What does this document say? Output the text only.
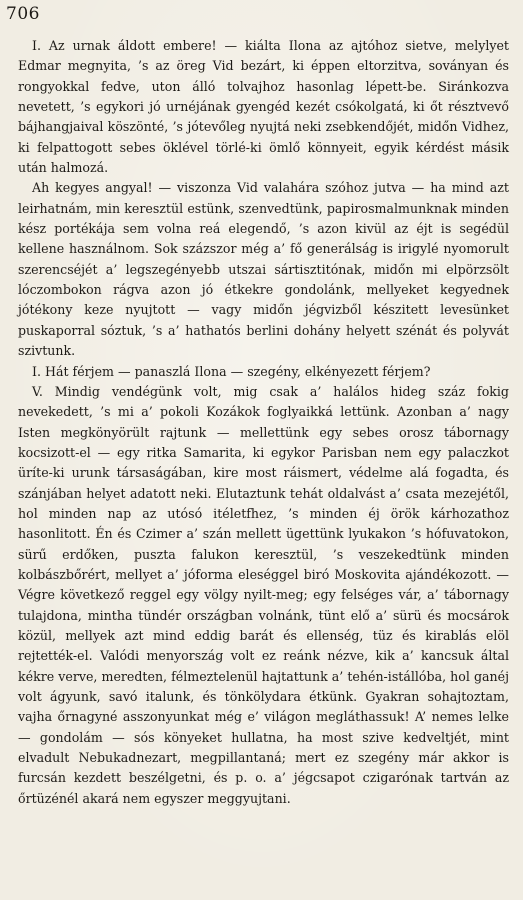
706

I. Az urnak áldott embere! — kiálta Ilona az ajtóhoz sietve, melylyet Edmar megnyita, ’s az öreg Vid bezárt, ki éppen eltorzitva, soványan és rongyokkal fedve, uton álló tolvajhoz hasonlag lépett-be. Siránkozva nevetett, ’s egykori jó urnéjának gyengéd kezét csókolgatá, ki őt résztvevő bájhangjaival köszönté, ’s jótevőleg nyujtá neki zsebkendőjét, midőn Vidhez, ki felpattogott sebes öklével törlé-ki ömlő könnyeit, egyik kérdést másik után halmozá.

Ah kegyes angyal! — viszonza Vid valahára szóhoz jutva — ha mind azt leirhatnám, min keresztül estünk, szenvedtünk, papirosmalmunknak minden kész portékája sem volna reá elegendő, ’s azon kivül az éjt is segédül kellene használnom. Sok százszor még a’ fő generálság is irigylé nyomorult szerencséjét a’ legszegényebb utszai sártisztitónak, midőn mi elpörzsölt lóczombokon rágva azon jó étkekre gondolánk, mellyeket kegyednek jótékony keze nyujtott — vagy midőn jégvizből készitett levesünket puskaporral sóztuk, ’s a’ hathatós berlini dohány helyett szénát és polyvát szivtunk.

I. Hát férjem — panaszlá Ilona — szegény, elkényezett férjem?

V. Mindig vendégünk volt, mig csak a’ halálos hideg száz fokig nevekedett, ’s mi a’ pokoli Kozákok foglyaikká lettünk. Azonban a’ nagy Isten megkönyörült rajtunk — mellettünk egy sebes orosz tábornagy kocsizott-el — egy ritka Samarita, ki egykor Parisban nem egy palaczkot üríte-ki urunk társaságában, kire most ráismert, védelme alá fogadta, és szánjában helyet adatott neki. Elutaztunk tehát oldalvást a’ csata mezejétől, hol minden nap az utósó itéletfhez, ’s minden éj örök kárhozathoz hasonlitott. Én és Czimer a’ szán mellett ügettünk lyukakon ’s hófuvatokon, sürű erdőken, puszta falukon keresztül, ’s veszekedtünk minden kolbászbőrért, mellyet a’ jóforma eleséggel biró Moskovita ajándékozott. — Végre következő reggel egy völgy nyilt-meg; egy felséges vár, a’ tábornagy tulajdona, mintha tündér országban volnánk, tünt elő a’ sürü és mocsárok közül, mellyek azt mind eddig barát és ellenség, tüz és kirablás elöl rejtették-el. Valódi menyország volt ez reánk nézve, kik a’ kancsuk által kékre verve, meredten, félmeztelenül hajtattunk a’ tehén-istállóba, hol ganéj volt ágyunk, savó italunk, és tönkölydara étkünk. Gyakran sohajtoztam, vajha őrnagyné asszonyunkat még e’ világon megláthassuk! A’ nemes lelke — gondolám — sós könyeket hullatna, ha most szive kedveltjét, mint elvadult Nebukadnezart, megpillantaná; mert ez szegény már akkor is furcsán kezdett beszélgetni, és p. o. a’ jégcsapot czigarónak tartván az őrtüzénél akará nem egyszer meggyujtani.
